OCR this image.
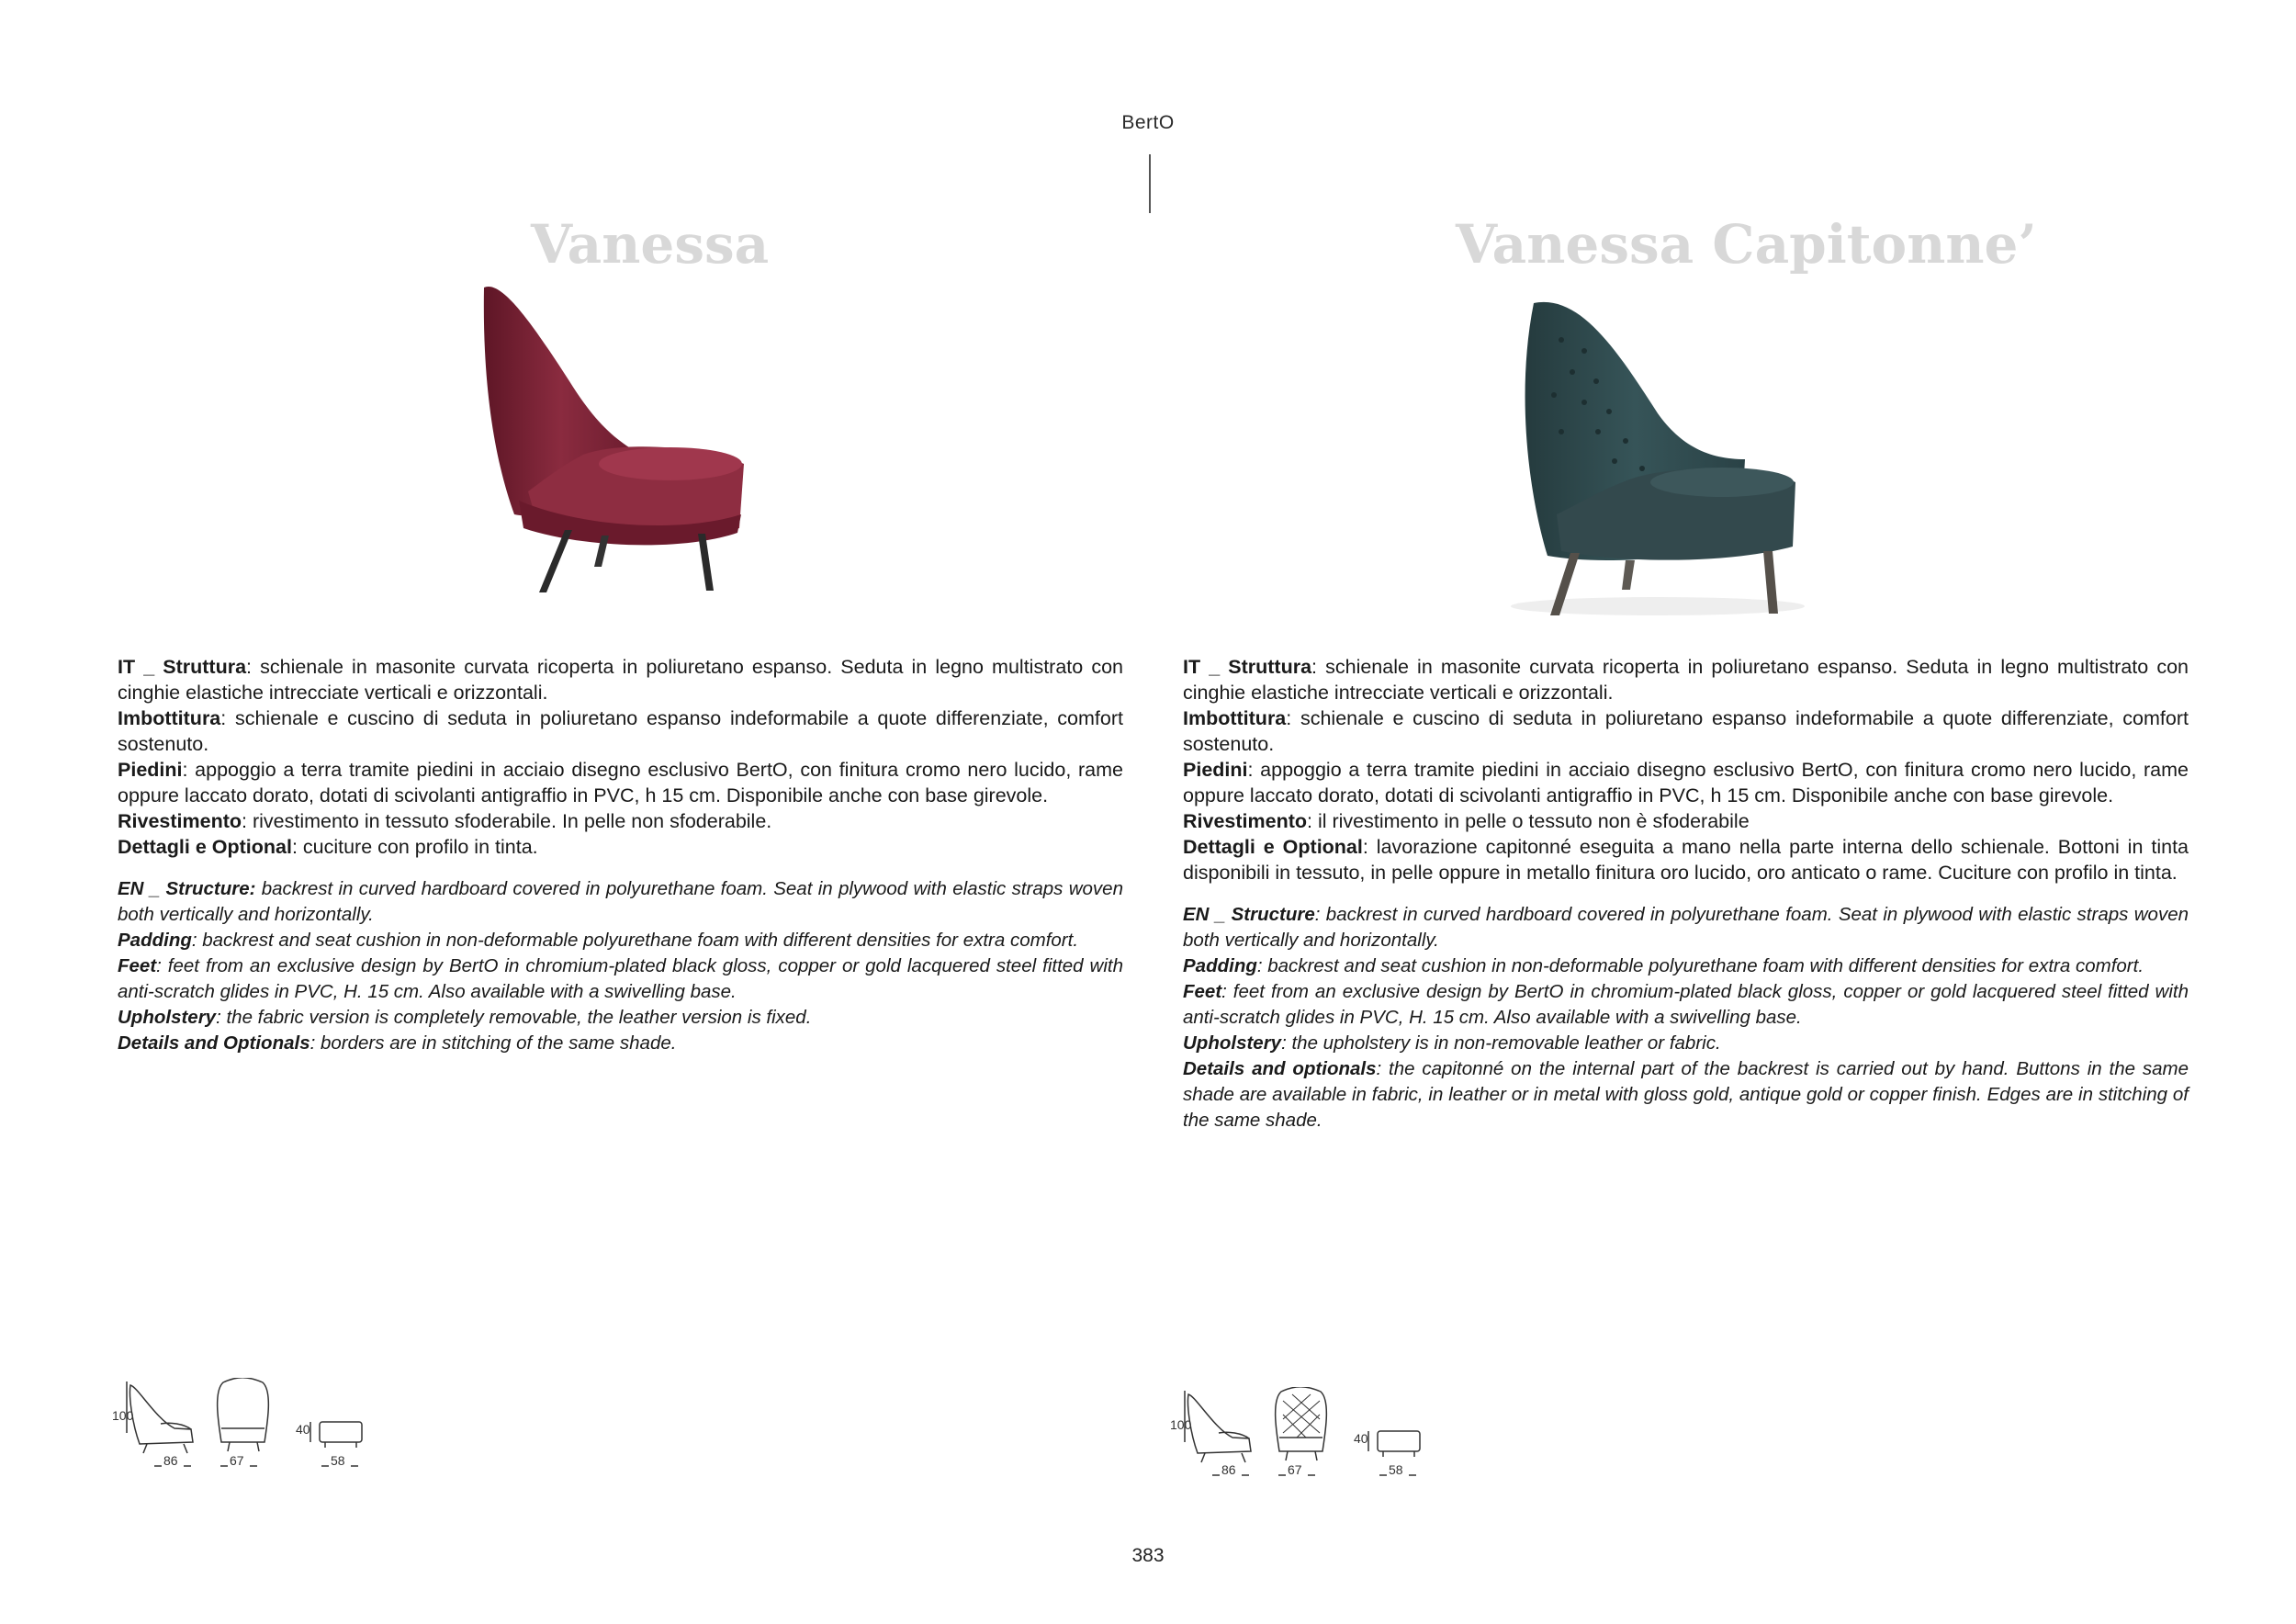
BertO
Vanessa	Vanessa Capitonne’

IT _ Struttura: schienale in masonite curvata ricoperta in poliuretano espanso. Seduta in legno multistrato con cinghie elastiche intrecciate verticali e orizzontali.

Imbottitura: schienale e cuscino di seduta in poliuretano espanso indeformabile a quote differenziate, comfort sostenuto.

Piedini: appoggio a terra tramite piedini in acciaio disegno esclusivo BertO, con finitura cromo nero lucido, rame oppure laccato dorato, dotati di scivolanti antigraffio in PVC, h 15 cm. Disponibile anche con base girevole.

Rivestimento: rivestimento in tessuto sfoderabile. In pelle non sfoderabile.

Dettagli e Optional: cuciture con profilo in tinta.

EN _ Structure: backrest in curved hardboard covered in polyurethane foam. Seat in plywood with elastic straps woven both vertically and horizontally.

Padding: backrest and seat cushion in non-deformable polyurethane foam with different densities for extra comfort.

Feet: feet from an exclusive design by BertO in chromium-plated black gloss, copper or gold lacquered steel fitted with anti-scratch glides in PVC, H. 15 cm. Also available with a swivelling base.

Upholstery: the fabric version is completely removable, the leather version is fixed.

Details and Optionals: borders are in stitching of the same shade.

IT _ Struttura: schienale in masonite curvata ricoperta in poliuretano espanso. Seduta in legno multistrato con cinghie elastiche intrecciate verticali e orizzontali.

Imbottitura: schienale e cuscino di seduta in poliuretano espanso indeformabile a quote differenziate, comfort sostenuto.

Piedini: appoggio a terra tramite piedini in acciaio disegno esclusivo BertO, con finitura cromo nero lucido, rame oppure laccato dorato, dotati di scivolanti antigraffio in PVC, h 15 cm. Disponibile anche con base girevole.

Rivestimento: il rivestimento in pelle o tessuto non è sfoderabile

Dettagli e Optional: lavorazione capitonné eseguita a mano nella parte interna dello schienale. Bottoni in tinta disponibili in tessuto, in pelle oppure in metallo finitura oro lucido, oro anticato o rame. Cuciture con profilo in tinta.

EN _ Structure: backrest in curved hardboard covered in polyurethane foam. Seat in plywood with elastic straps woven both vertically and horizontally.

Padding: backrest and seat cushion in non-deformable polyurethane foam with different densities for extra comfort.

Feet: feet from an exclusive design by BertO in chromium-plated black gloss, copper or gold lacquered steel fitted with anti-scratch glides in PVC, H. 15 cm. Also available with a swivelling base.

Upholstery: the upholstery is in non-removable leather or fabric.

Details and optionals: the capitonné on the internal part of the backrest is carried out by hand. Buttons in the same shade are available in fabric, in leather or in metal with gloss gold, antique gold or copper finish. Edges are in stitching of the same shade.

100
86	67
40
58
100
86	67
40
58
383
